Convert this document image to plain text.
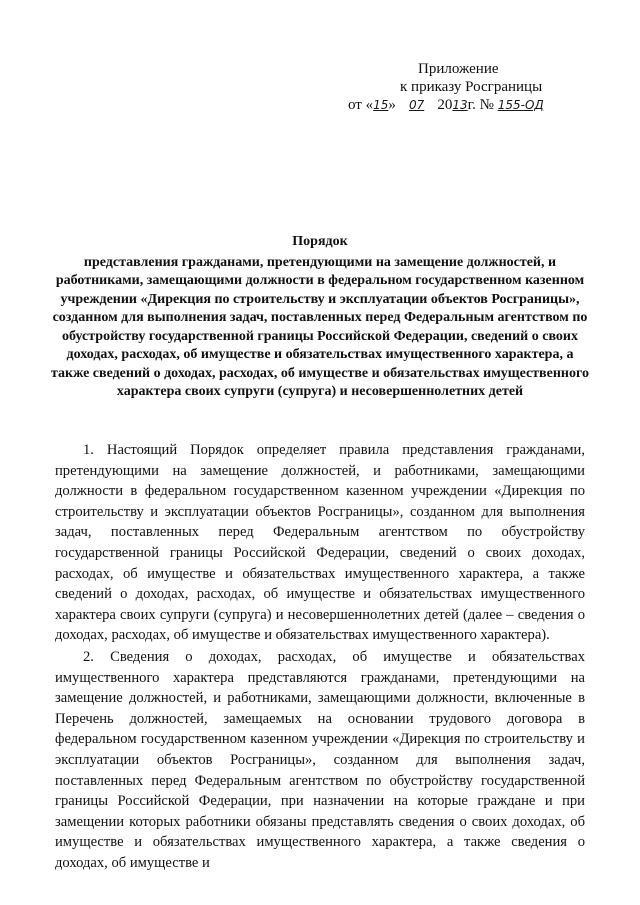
Приложение
к приказу Росграницы
от «15» 07 2013г. № 155-ОД
Порядок
представления гражданами, претендующими на замещение должностей, и работниками, замещающими должности в федеральном государственном казенном учреждении «Дирекция по строительству и эксплуатации объектов Росграницы», созданном для выполнения задач, поставленных перед Федеральным агентством по обустройству государственной границы Российской Федерации, сведений о своих доходах, расходах, об имуществе и обязательствах имущественного характера, а также сведений о доходах, расходах, об имуществе и обязательствах имущественного характера своих супруги (супруга) и несовершеннолетних детей

1. Настоящий Порядок определяет правила представления гражданами, претендующими на замещение должностей, и работниками, замещающими должности в федеральном государственном казенном учреждении «Дирекция по строительству и эксплуатации объектов Росграницы», созданном для выполнения задач, поставленных перед Федеральным агентством по обустройству государственной границы Российской Федерации, сведений о своих доходах, расходах, об имуществе и обязательствах имущественного характера, а также сведений о доходах, расходах, об имуществе и обязательствах имущественного характера своих супруги (супруга) и несовершеннолетних детей (далее – сведения о доходах, расходах, об имуществе и обязательствах имущественного характера).

2. Сведения о доходах, расходах, об имуществе и обязательствах имущественного характера представляются гражданами, претендующими на замещение должностей, и работниками, замещающими должности, включенные в Перечень должностей, замещаемых на основании трудового договора в федеральном государственном казенном учреждении «Дирекция по строительству и эксплуатации объектов Росграницы», созданном для выполнения задач, поставленных перед Федеральным агентством по обустройству государственной границы Российской Федерации, при назначении на которые граждане и при замещении которых работники обязаны представлять сведения о своих доходах, об имуществе и обязательствах имущественного характера, а также сведения о доходах, об имуществе и
